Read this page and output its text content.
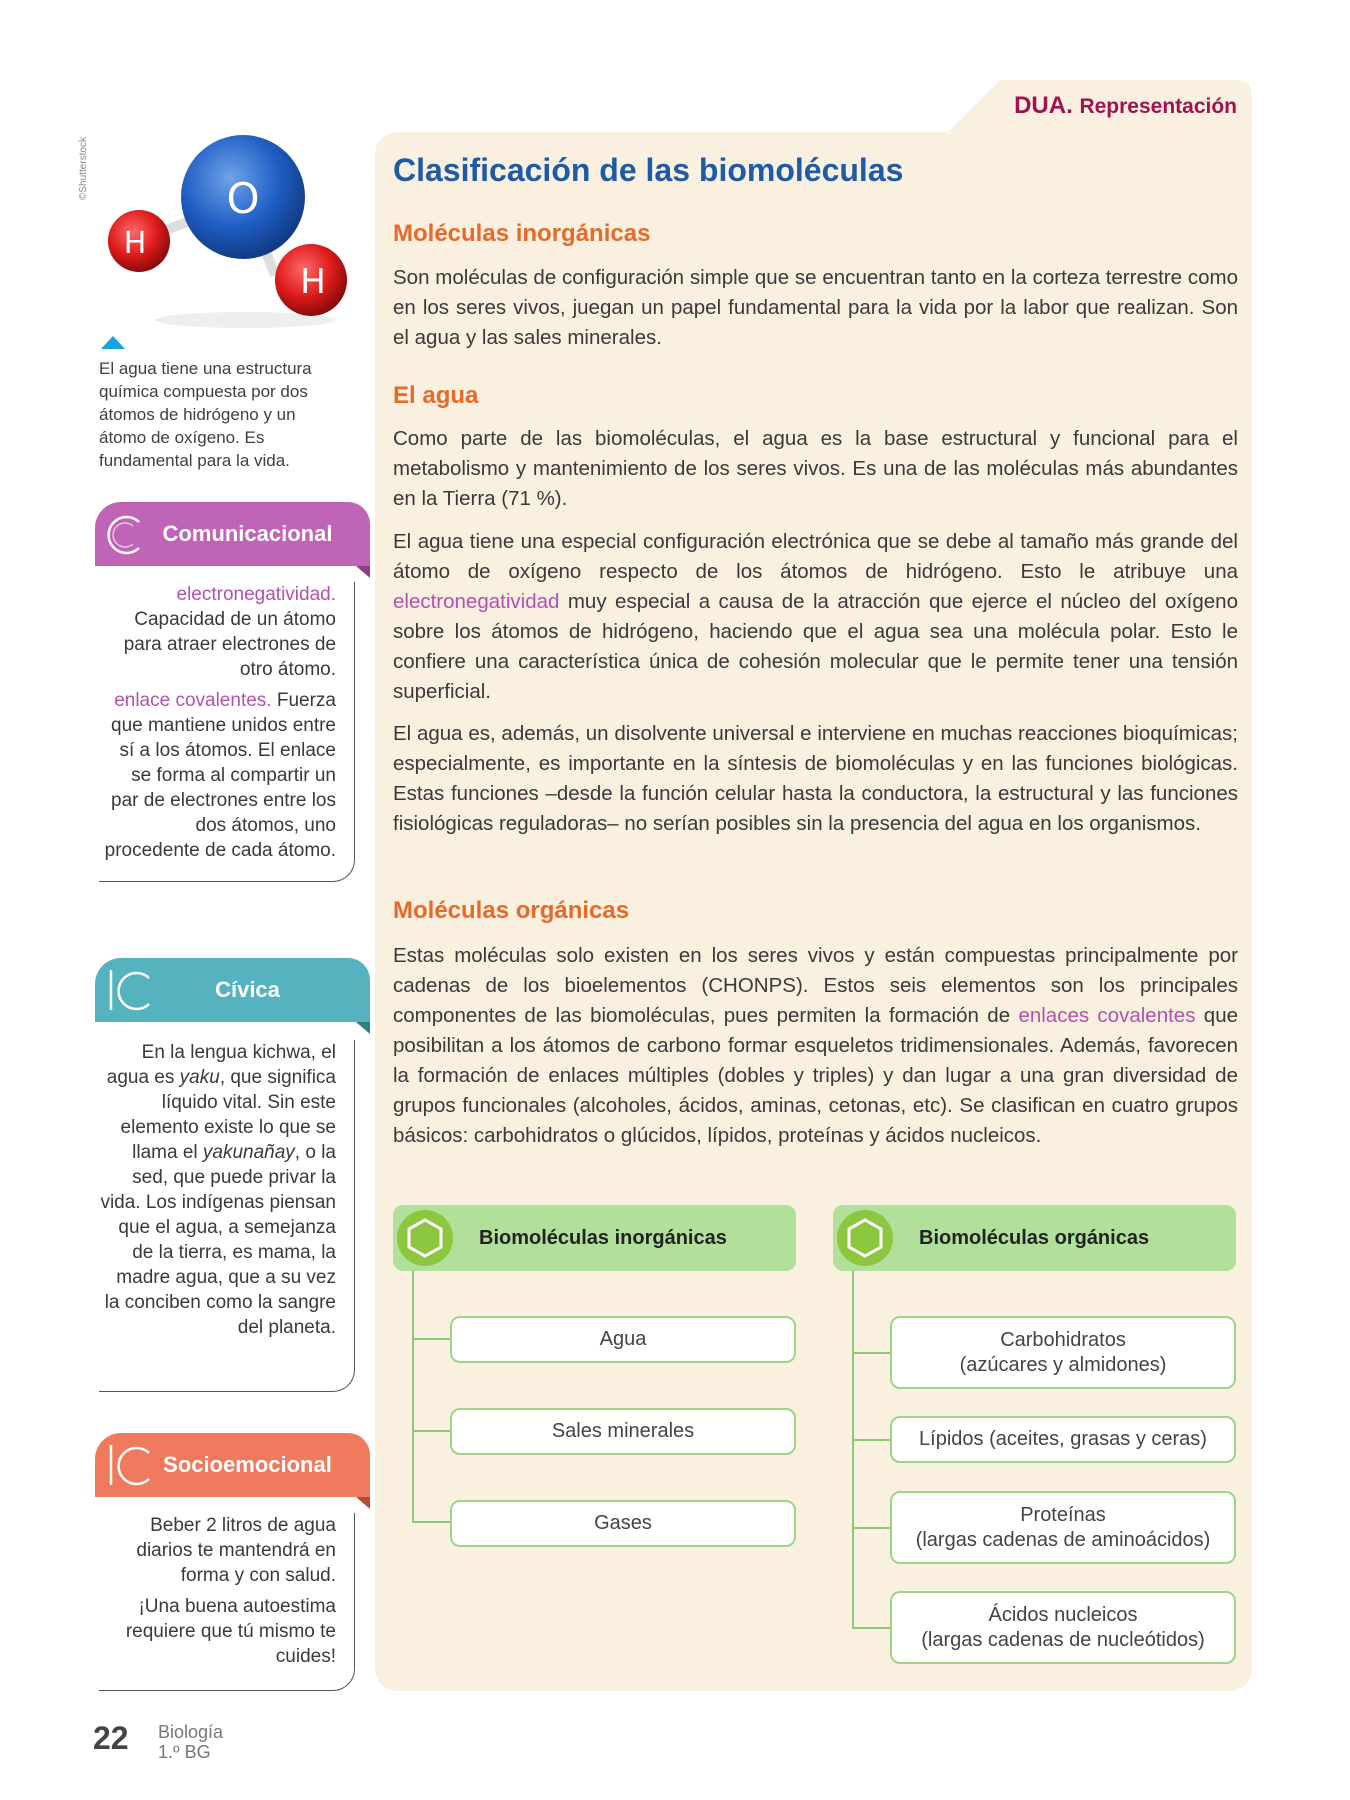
©Shutterstock	O
H
H
El agua tiene una estructura química compuesta por dos átomos de hidrógeno y un átomo de oxígeno. Es fundamental para la vida.
Comunicacional

electronegatividad.
Capacidad de un átomo para atraer electrones de otro átomo.

enlace covalentes. Fuerza que mantiene unidos entre sí a los átomos. El enlace se forma al compartir un par de electrones entre los dos átomos, uno procedente de cada átomo.

Cívica

En la lengua kichwa, el agua es yaku, que significa líquido vital. Sin este elemento existe lo que se llama el yakunañay, o la sed, que puede privar la vida. Los indígenas piensan que el agua, a semejanza de la tierra, es mama, la madre agua, que a su vez la conciben como la sangre del planeta.

Socioemocional

Beber 2 litros de agua diarios te mantendrá en forma y con salud.

¡Una buena autoestima requiere que tú mismo te cuides!

DUA. Representación
Clasificación de las biomoléculas
Moléculas inorgánicas

Son moléculas de configuración simple que se encuentran tanto en la corteza terrestre como en los seres vivos, juegan un papel fundamental para la vida por la labor que realizan. Son el agua y las sales minerales.

El agua

Como parte de las biomoléculas, el agua es la base estructural y funcional para el metabolismo y mantenimiento de los seres vivos. Es una de las moléculas más abundantes en la Tierra (71 %).

El agua tiene una especial configuración electrónica que se debe al tamaño más grande del átomo de oxígeno respecto de los átomos de hidrógeno. Esto le atribuye una electronegatividad muy especial a causa de la atracción que ejerce el núcleo del oxígeno sobre los átomos de hidrógeno, haciendo que el agua sea una molécula polar. Esto le confiere una característica única de cohesión molecular que le permite tener una tensión superficial.

El agua es, además, un disolvente universal e interviene en muchas reacciones bioquímicas; especialmente, es importante en la síntesis de biomoléculas y en las funciones biológicas. Estas funciones –desde la función celular hasta la conductora, la estructural y las funciones fisiológicas reguladoras– no serían posibles sin la presencia del agua en los organismos.

Moléculas orgánicas

Estas moléculas solo existen en los seres vivos y están compuestas principalmente por cadenas de los bioelementos (CHONPS). Estos seis elementos son los principales componentes de las biomoléculas, pues permiten la formación de enlaces covalentes que posibilitan a los átomos de carbono formar esqueletos tridimensionales. Además, favorecen la formación de enlaces múltiples (dobles y triples) y dan lugar a una gran diversidad de grupos funcionales (alcoholes, ácidos, aminas, cetonas, etc). Se clasifican en cuatro grupos básicos: carbohidratos o glúcidos, lípidos, proteínas y ácidos nucleicos.

Biomoléculas inorgánicas
Agua
Sales minerales
Gases
Biomoléculas orgánicas
Carbohidratos
(azúcares y almidones)
Lípidos (aceites, grasas y ceras)
Proteínas
(largas cadenas de aminoácidos)
Ácidos nucleicos
(largas cadenas de nucleótidos)
22 Biología
1.º BG
